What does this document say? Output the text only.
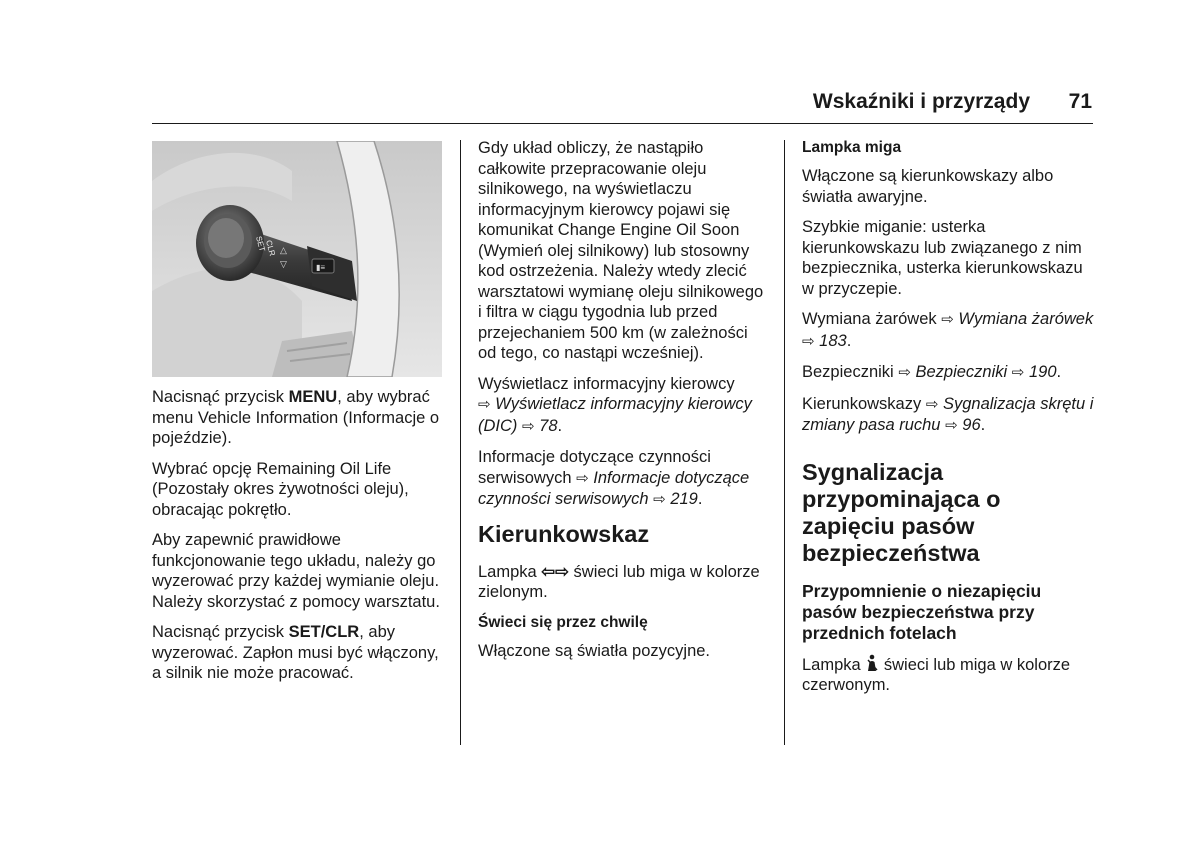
Wskaźniki i przyrządy 71
▮≡
SET
CLR △
▽

Nacisnąć przycisk MENU, aby wybrać menu Vehicle Information (Informacje o pojeździe).

Wybrać opcję Remaining Oil Life (Pozostały okres żywotności oleju), obracając pokrętło.

Aby zapewnić prawidłowe funkcjonowanie tego układu, należy go wyzerować przy każdej wymianie oleju. Należy skorzystać z pomocy warsztatu.

Nacisnąć przycisk SET/CLR, aby wyzerować. Zapłon musi być włączony, a silnik nie może pracować.

Gdy układ obliczy, że nastąpiło całkowite przepracowanie oleju silnikowego, na wyświetlaczu informacyjnym kierowcy pojawi się komunikat Change Engine Oil Soon (Wymień olej silnikowy) lub stosowny kod ostrzeżenia. Należy wtedy zlecić warsztatowi wymianę oleju silnikowego i filtra w ciągu tygodnia lub przed przejechaniem 500 km (w zależności od tego, co nastąpi wcześniej).

Wyświetlacz informacyjny kierowcy
⇨ Wyświetlacz informacyjny kierowcy (DIC) ⇨ 78.

Informacje dotyczące czynności serwisowych ⇨ Informacje dotyczące czynności serwisowych ⇨ 219.

Kierunkowskaz

Lampka ⇦⇨ świeci lub miga w kolorze zielonym.

Świeci się przez chwilę

Włączone są światła pozycyjne.

Lampka miga

Włączone są kierunkowskazy albo światła awaryjne.

Szybkie miganie: usterka kierunkowskazu lub związanego z nim bezpiecznika, usterka kierunkowskazu w przyczepie.

Wymiana żarówek ⇨ Wymiana żarówek ⇨ 183.

Bezpieczniki ⇨ Bezpieczniki ⇨ 190.

Kierunkowskazy ⇨ Sygnalizacja skrętu i zmiany pasa ruchu ⇨ 96.

Sygnalizacja przypominająca o zapięciu pasów bezpieczeństwa
Przypomnienie o niezapięciu pasów bezpieczeństwa przy przednich fotelach

Lampka świeci lub miga w kolorze czerwonym.
